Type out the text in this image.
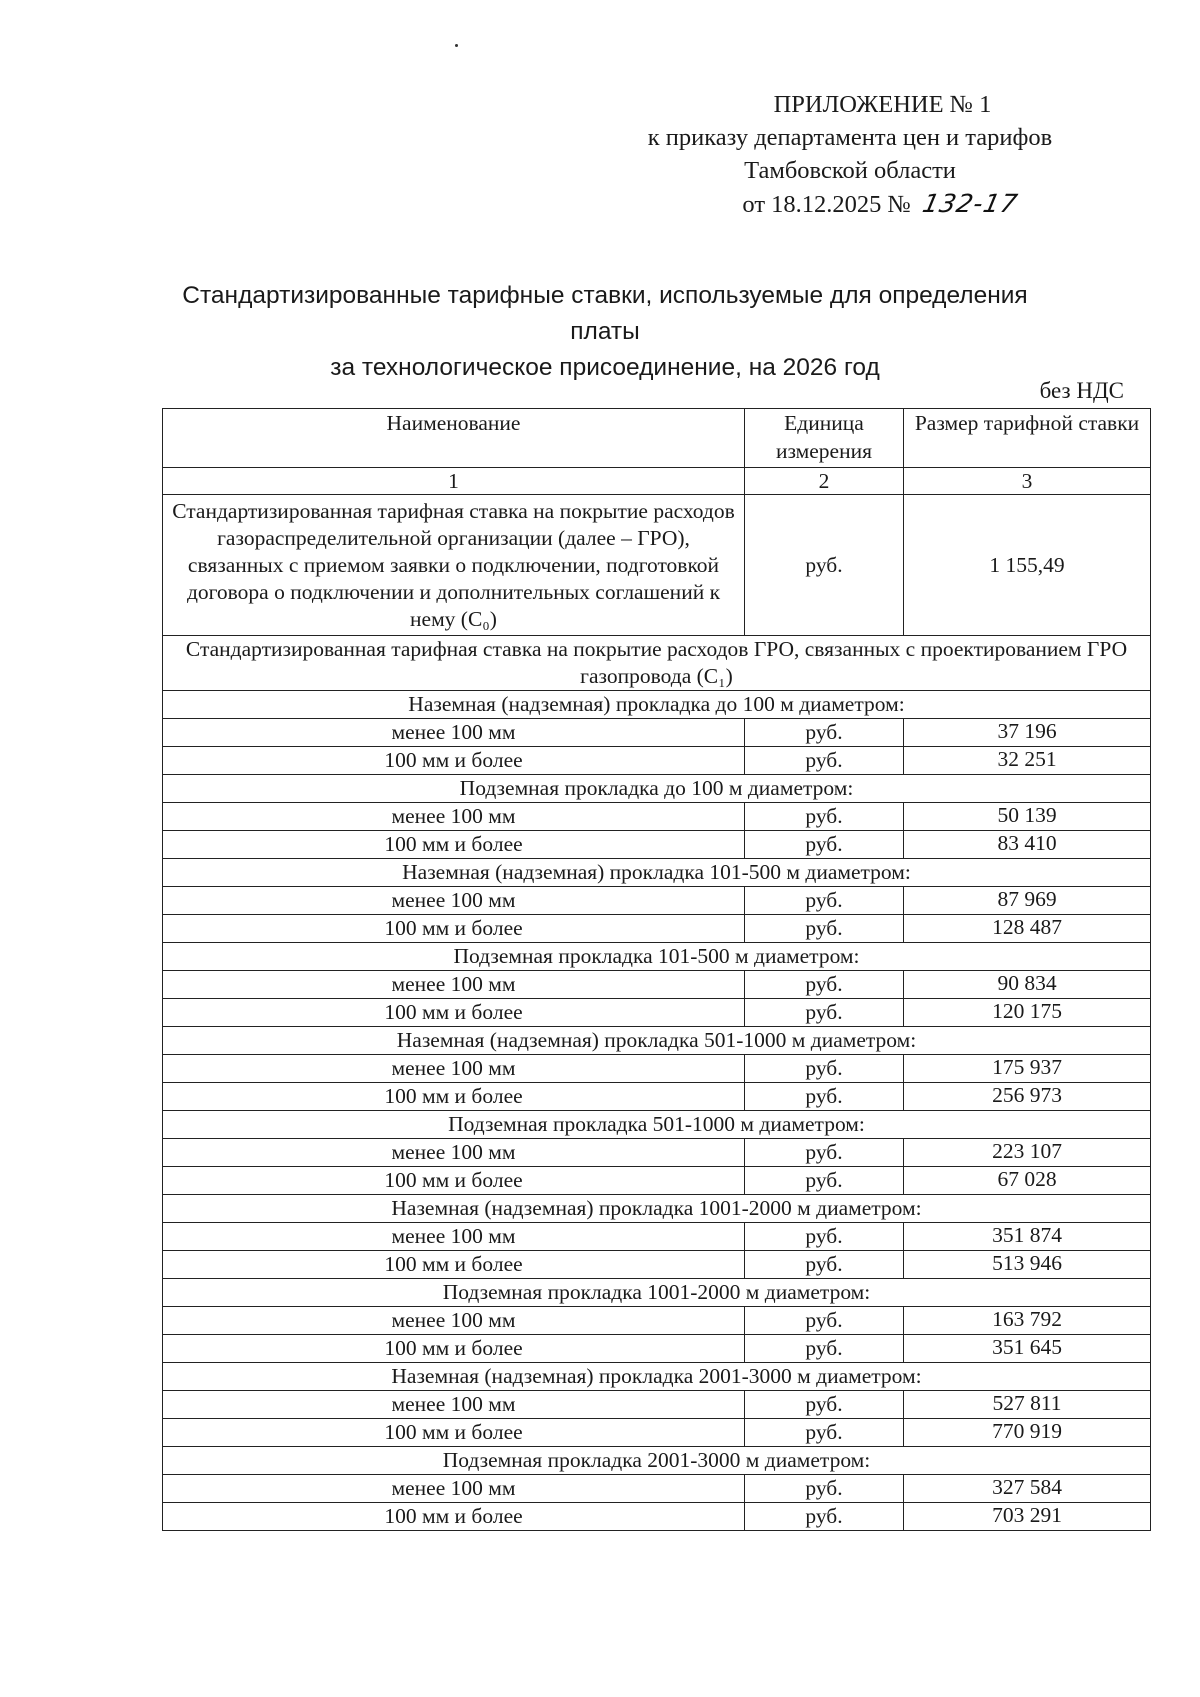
ПРИЛОЖЕНИЕ № 1
к приказу департамента цен и тарифов
Тамбовской области
от 18.12.2025 № 132-17
Стандартизированные тарифные ставки, используемые для определения платы
за технологическое присоединение, на 2026 год
без НДС
Наименование	Единица измерения	Размер тарифной ставки
1	2	3
Стандартизированная тарифная ставка на покрытие расходов газораспределительной организации (далее – ГРО), связанных с приемом заявки о подключении, подготовкой договора о подключении и дополнительных соглашений к нему (С₀)	руб.	1 155,49
Стандартизированная тарифная ставка на покрытие расходов ГРО, связанных с проектированием ГРО газопровода (С₁)		
Наземная (надземная) прокладка до 100 м диаметром:		
менее 100 мм	руб.	37 196
100 мм и более	руб.	32 251
Подземная прокладка до 100 м диаметром:		
менее 100 мм	руб.	50 139
100 мм и более	руб.	83 410
Наземная (надземная) прокладка 101-500 м диаметром:		
менее 100 мм	руб.	87 969
100 мм и более	руб.	128 487
Подземная прокладка 101-500 м диаметром:		
менее 100 мм	руб.	90 834
100 мм и более	руб.	120 175
Наземная (надземная) прокладка 501-1000 м диаметром:		
менее 100 мм	руб.	175 937
100 мм и более	руб.	256 973
Подземная прокладка 501-1000 м диаметром:		
менее 100 мм	руб.	223 107
100 мм и более	руб.	67 028
Наземная (надземная) прокладка 1001-2000 м диаметром:		
менее 100 мм	руб.	351 874
100 мм и более	руб.	513 946
Подземная прокладка 1001-2000 м диаметром:		
менее 100 мм	руб.	163 792
100 мм и более	руб.	351 645
Наземная (надземная) прокладка 2001-3000 м диаметром:		
менее 100 мм	руб.	527 811
100 мм и более	руб.	770 919
Подземная прокладка 2001-3000 м диаметром:		
менее 100 мм	руб.	327 584
100 мм и более	руб.	703 291
